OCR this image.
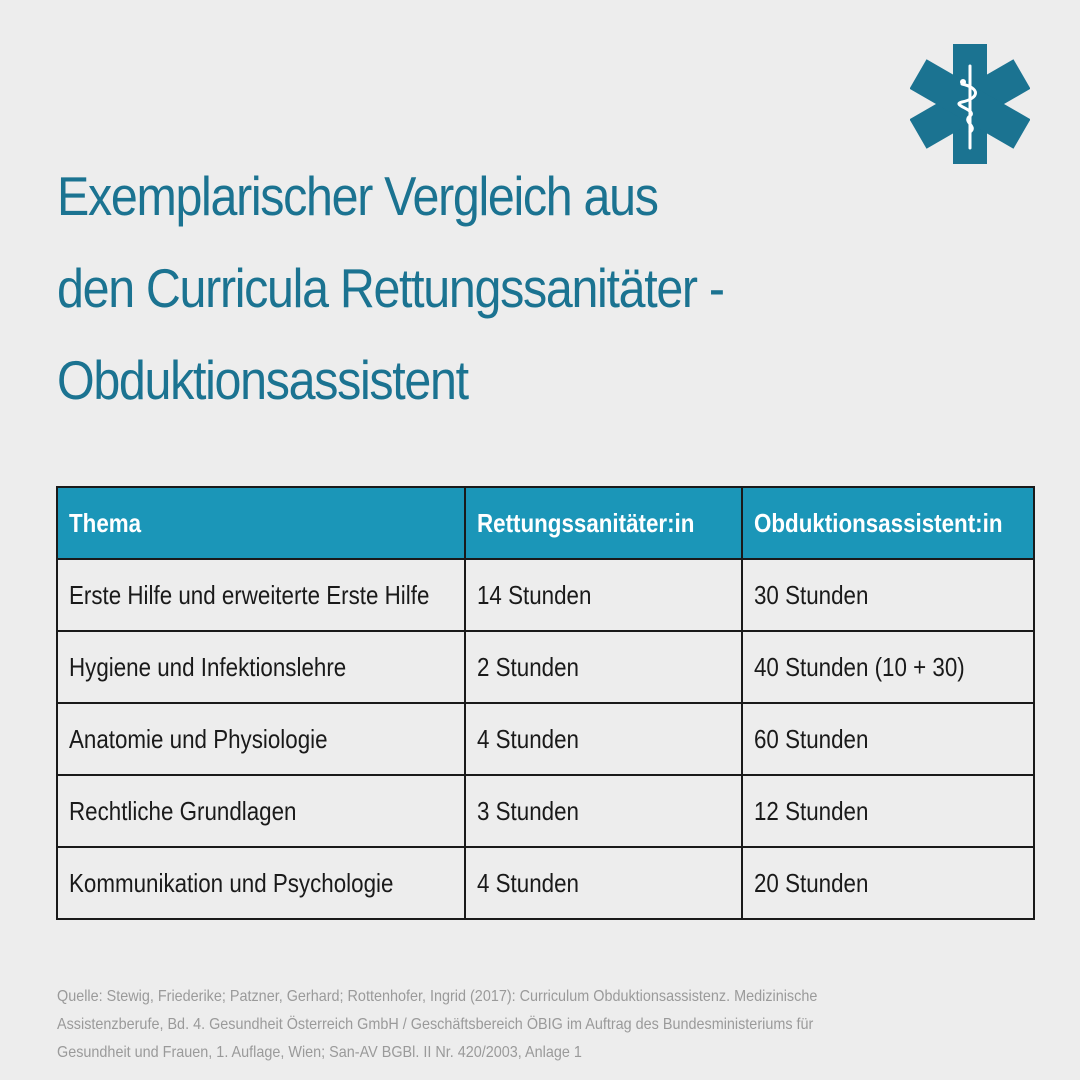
Exemplarischer Vergleich aus
den Curricula Rettungssanitäter -
Obduktionsassistent
Thema	Rettungssanitäter:in	Obduktionsassistent:in
Erste Hilfe und erweiterte Erste Hilfe	14 Stunden	30 Stunden
Hygiene und Infektionslehre	2 Stunden	40 Stunden (10 + 30)
Anatomie und Physiologie	4 Stunden	60 Stunden
Rechtliche Grundlagen	3 Stunden	12 Stunden
Kommunikation und Psychologie	4 Stunden	20 Stunden
Quelle: Stewig, Friederike; Patzner, Gerhard; Rottenhofer, Ingrid (2017): Curriculum Obduktionsassistenz. Medizinische
Assistenzberufe, Bd. 4. Gesundheit Österreich GmbH / Geschäftsbereich ÖBIG im Auftrag des Bundesministeriums für
Gesundheit und Frauen, 1. Auflage, Wien; San-AV BGBl. II Nr. 420/2003, Anlage 1
